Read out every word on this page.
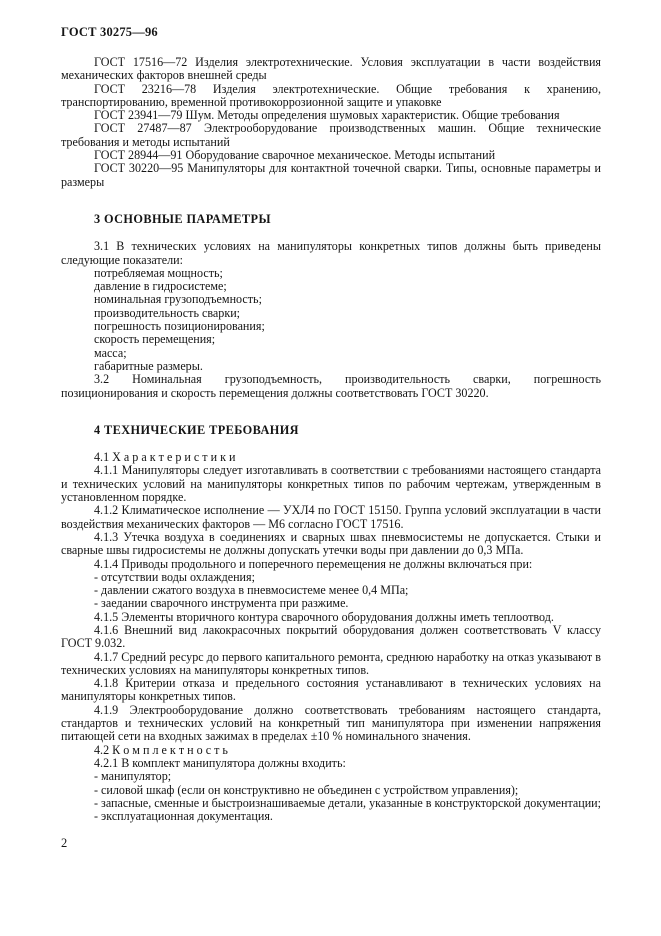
ГОСТ 30275—96

ГОСТ 17516—72 Изделия электротехнические. Условия эксплуатации в части воздействия механических факторов внешней среды

ГОСТ 23216—78 Изделия электротехнические. Общие требования к хранению, транспортированию, временной противокоррозионной защите и упаковке

ГОСТ 23941—79 Шум. Методы определения шумовых характеристик. Общие требования

ГОСТ 27487—87 Электрооборудование производственных машин. Общие технические требования и методы испытаний

ГОСТ 28944—91 Оборудование сварочное механическое. Методы испытаний

ГОСТ 30220—95 Манипуляторы для контактной точечной сварки. Типы, основные параметры и размеры

3 ОСНОВНЫЕ ПАРАМЕТРЫ

3.1 В технических условиях на манипуляторы конкретных типов должны быть приведены следующие показатели:

потребляемая мощность;

давление в гидросистеме;

номинальная грузоподъемность;

производительность сварки;

погрешность позиционирования;

скорость перемещения;

масса;

габаритные размеры.

3.2 Номинальная грузоподъемность, производительность сварки, погрешность позиционирования и скорость перемещения должны соответствовать ГОСТ 30220.

4 ТЕХНИЧЕСКИЕ ТРЕБОВАНИЯ

4.1 Х а р а к т е р и с т и к и

4.1.1 Манипуляторы следует изготавливать в соответствии с требованиями настоящего стандарта и технических условий на манипуляторы конкретных типов по рабочим чертежам, утвержденным в установленном порядке.

4.1.2 Климатическое исполнение — УХЛ4 по ГОСТ 15150. Группа условий эксплуатации в части воздействия механических факторов — М6 согласно ГОСТ 17516.

4.1.3 Утечка воздуха в соединениях и сварных швах пневмосистемы не допускается. Стыки и сварные швы гидросистемы не должны допускать утечки воды при давлении до 0,3 МПа.

4.1.4 Приводы продольного и поперечного перемещения не должны включаться при:

- отсутствии воды охлаждения;

- давлении сжатого воздуха в пневмосистеме менее 0,4 МПа;

- заедании сварочного инструмента при разжиме.

4.1.5 Элементы вторичного контура сварочного оборудования должны иметь теплоотвод.

4.1.6 Внешний вид лакокрасочных покрытий оборудования должен соответствовать V классу ГОСТ 9.032.

4.1.7 Средний ресурс до первого капитального ремонта, среднюю наработку на отказ указывают в технических условиях на манипуляторы конкретных типов.

4.1.8 Критерии отказа и предельного состояния устанавливают в технических условиях на манипуляторы конкретных типов.

4.1.9 Электрооборудование должно соответствовать требованиям настоящего стандарта, стандартов и технических условий на конкретный тип манипулятора при изменении напряжения питающей сети на входных зажимах в пределах ±10 % номинального значения.

4.2 К о м п л е к т н о с т ь

4.2.1 В комплект манипулятора должны входить:

- манипулятор;

- силовой шкаф (если он конструктивно не объединен с устройством управления);

- запасные, сменные и быстроизнашиваемые детали, указанные в конструкторской документации;

- эксплуатационная документация.

2
